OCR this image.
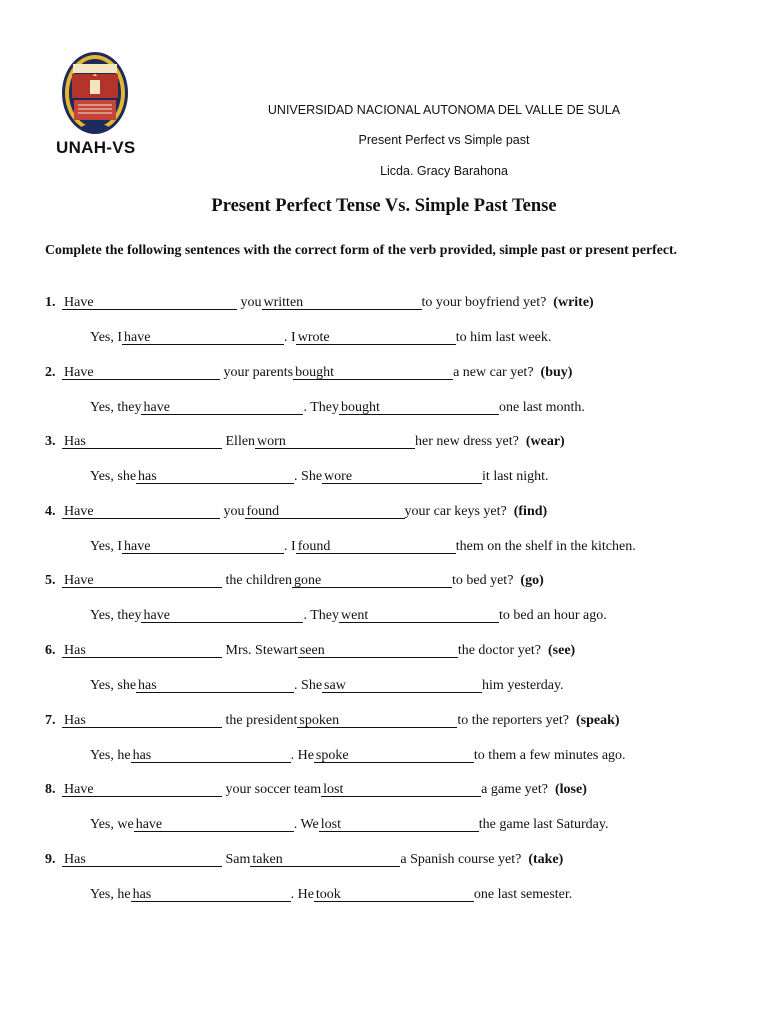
UNAH-VS
UNIVERSIDAD NACIONAL AUTONOMA DEL VALLE DE SULA
Present Perfect vs Simple past
Licda. Gracy Barahona
Present Perfect Tense Vs. Simple Past Tense
Complete the following sentences with the correct form of the verb provided, simple past or present perfect.
1. Have	you written	to your boyfriend yet? (write)
Yes, I have	. I wrote	to him last week.
2. Have	your parents bought	a new car yet? (buy)
Yes, they have	. They bought	one last month.
3. Has	Ellen worn	her new dress yet? (wear)
Yes, she has	. She wore	it last night.
4. Have	you found	your car keys yet? (find)
Yes, I have	. I found	them on the shelf in the kitchen.
5. Have	the children gone	to bed yet? (go)
Yes, they have	. They went	to bed an hour ago.
6. Has	Mrs. Stewart seen	the doctor yet? (see)
Yes, she has	. She saw	him yesterday.
7. Has	the president spoken	to the reporters yet? (speak)
Yes, he has	. He spoke	to them a few minutes ago.
8. Have	your soccer team lost	a game yet? (lose)
Yes, we have	. We lost	the game last Saturday.
9. Has	Sam taken	a Spanish course yet? (take)
Yes, he has	. He took	one last semester.
